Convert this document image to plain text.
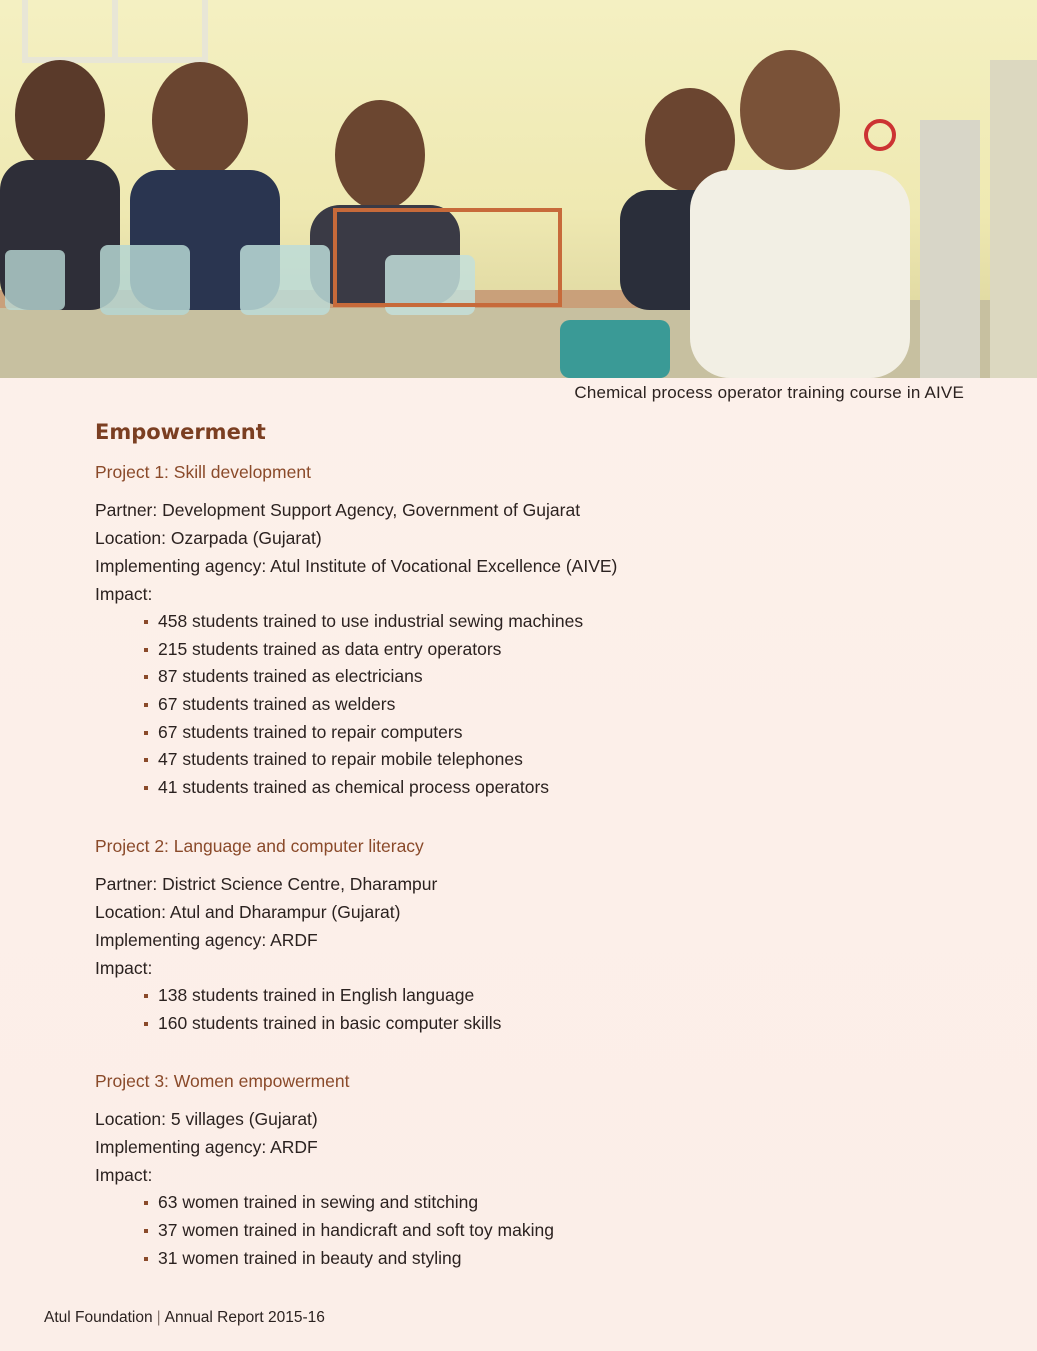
Chemical process operator training course in AIVE
Empowerment
Project 1: Skill development
Partner: Development Support Agency, Government of Gujarat
Location: Ozarpada (Gujarat)
Implementing agency: Atul Institute of Vocational Excellence (AIVE)
Impact:
458 students trained to use industrial sewing machines
215 students trained as data entry operators
87 students trained as electricians
67 students trained as welders
67 students trained to repair computers
47 students trained to repair mobile telephones
41 students trained as chemical process operators
Project 2: Language and computer literacy
Partner: District Science Centre, Dharampur
Location: Atul and Dharampur (Gujarat)
Implementing agency: ARDF
Impact:
138 students trained in English language
160 students trained in basic computer skills
Project 3: Women empowerment
Location: 5 villages (Gujarat)
Implementing agency: ARDF
Impact:
63 women trained in sewing and stitching
37 women trained in handicraft and soft toy making
31 women trained in beauty and styling
Atul Foundation | Annual Report 2015-16
